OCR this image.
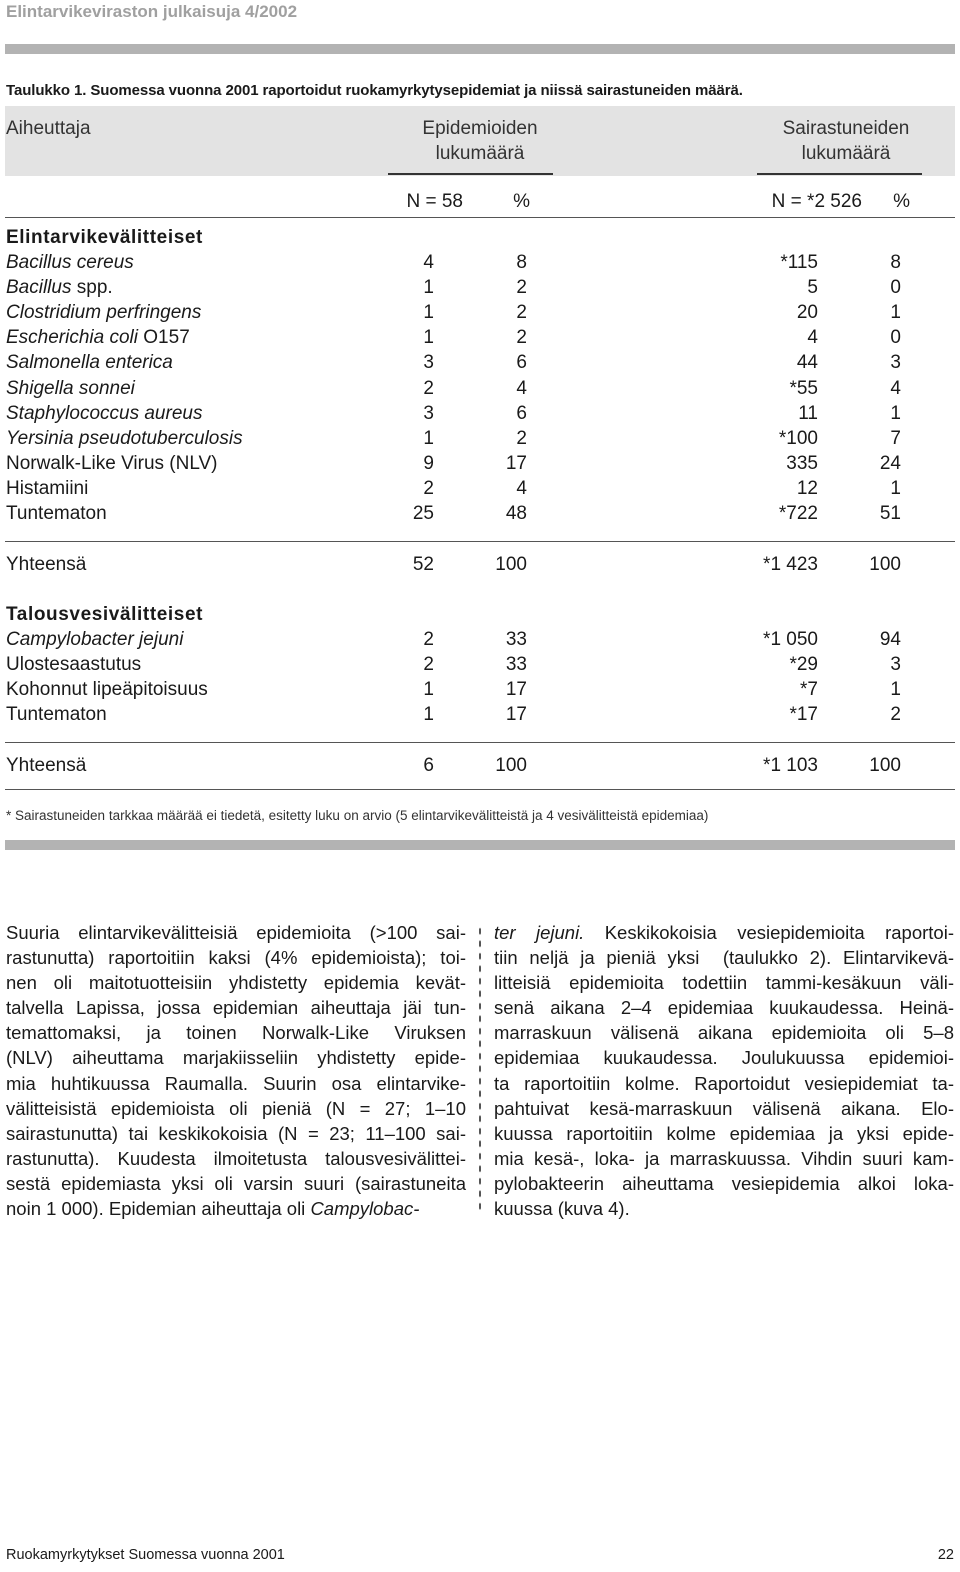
Elintarvikeviraston julkaisuja 4/2002
Taulukko 1. Suomessa vuonna 2001 raportoidut ruokamyrkytysepidemiat ja niissä sairastuneiden määrä.
Epidemioiden
lukumäärä
Sairastuneiden
lukumäärä
Aiheuttaja
N = 58	%	N = *2 526 %
Elintarvikevälitteiset
Bacillus cereus	4	8	*115	8
Bacillus spp.	1	2	5	0
Clostridium perfringens	1	2	20	1
Escherichia coli O157	1	2	4	0
Salmonella enterica	3	6	44	3
Shigella sonnei	2	4	*55	4
Staphylococcus aureus	3	6	11	1
Yersinia pseudotuberculosis	1	2	*100	7
Norwalk-Like Virus (NLV)	9	17	335	24
Histamiini	2	4	12	1
Tuntematon	25	48	*722	51
Yhteensä	52	100	*1 423	100
Talousvesivälitteiset
Campylobacter jejuni	2	33	*1 050	94
Ulostesaastutus	2	33	*29	3
Kohonnut lipeäpitoisuus	1	17	*7	1
Tuntematon	1	17	*17	2
Yhteensä	6	100	*1 103	100
* Sairastuneiden tarkkaa määrää ei tiedetä, esitetty luku on arvio (5 elintarvikevälitteistä ja 4 vesivälitteistä epidemiaa)
Suuria elintarvikevälitteisiä epidemioita (>100 sai-
rastunutta) raportoitiin kaksi (4% epidemioista); toi-
nen oli maitotuotteisiin yhdistetty epidemia kevät-
talvella Lapissa, jossa epidemian aiheuttaja jäi tun-
temattomaksi, ja toinen Norwalk-Like Viruksen
(NLV) aiheuttama marjakiisseliin yhdistetty epide-
mia huhtikuussa Raumalla. Suurin osa elintarvike-
välitteisistä epidemioista oli pieniä (N = 27; 1–10
sairastunutta) tai keskikokoisia (N = 23; 11–100 sai-
rastunutta). Kuudesta ilmoitetusta talousvesivälittei-
sestä epidemiasta yksi oli varsin suuri (sairastuneita
noin 1 000). Epidemian aiheuttaja oli Campylobac-
ter jejuni. Keskikokoisia vesiepidemioita raportoi-
tiin neljä ja pieniä yksi  (taulukko 2). Elintarvikevä-
litteisiä epidemioita todettiin tammi-kesäkuun väli-
senä aikana 2–4 epidemiaa kuukaudessa. Heinä-
marraskuun välisenä aikana epidemioita oli 5–8
epidemiaa kuukaudessa. Joulukuussa epidemioi-
ta raportoitiin kolme. Raportoidut vesiepidemiat ta-
pahtuivat kesä-marraskuun välisenä aikana. Elo-
kuussa raportoitiin kolme epidemiaa ja yksi epide-
mia kesä-, loka- ja marraskuussa. Vihdin suuri kam-
pylobakteerin aiheuttama vesiepidemia alkoi loka-
kuussa (kuva 4).
Ruokamyrkytykset Suomessa vuonna 2001	22
